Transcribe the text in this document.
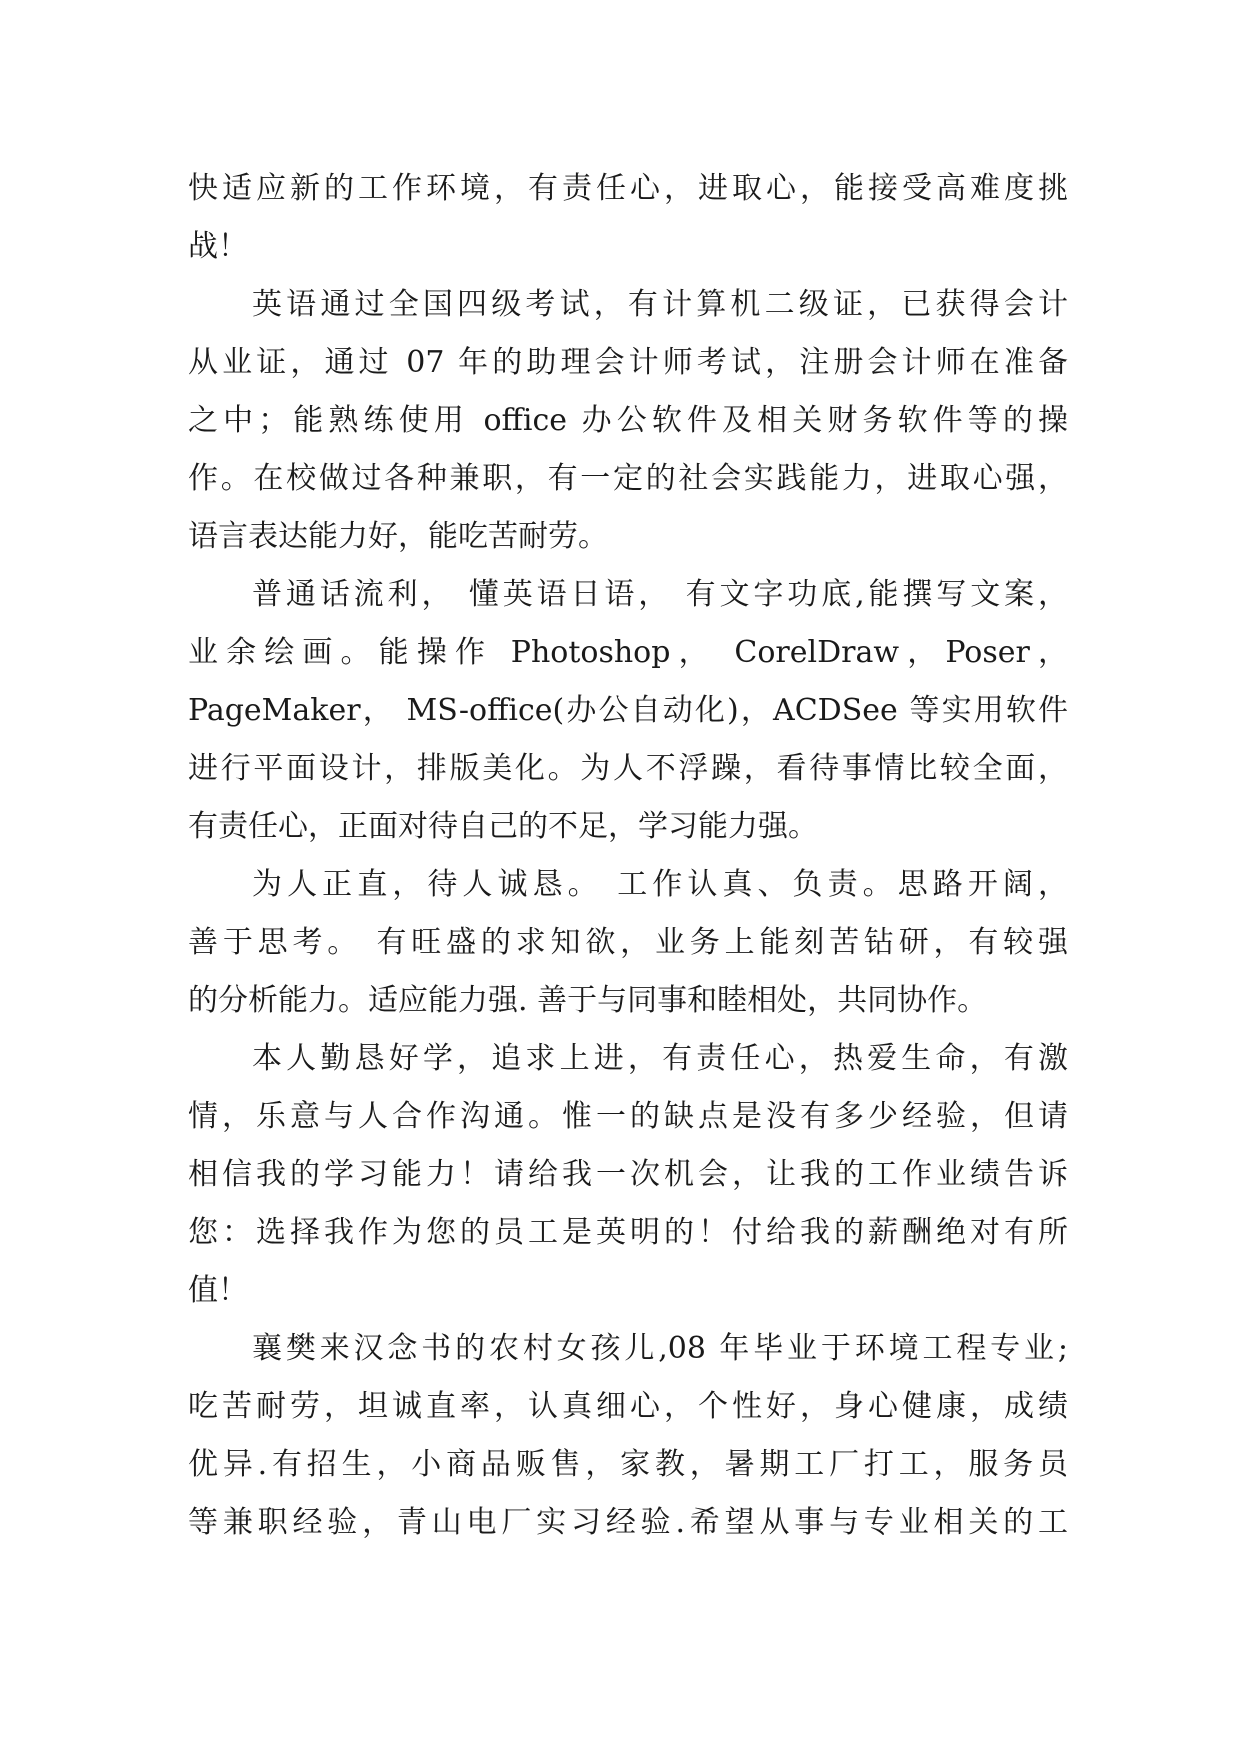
快适应新的工作环境，有责任心，进取心，能接受高难度挑
战！
英语通过全国四级考试，有计算机二级证，已获得会计
从业证，通过 07 年的助理会计师考试，注册会计师在准备
之中；能熟练使用 office 办公软件及相关财务软件等的操
作。在校做过各种兼职，有一定的社会实践能力，进取心强，
语言表达能力好，能吃苦耐劳。
普通话流利， 懂英语日语， 有文字功底,能撰写文案，
业余绘画。能操作 Photoshop， CorelDraw，Poser，
PageMaker， MS-office(办公自动化)，ACDSee 等实用软件
进行平面设计，排版美化。为人不浮躁，看待事情比较全面，
有责任心，正面对待自己的不足，学习能力强。
为人正直，待人诚恳。 工作认真、负责。思路开阔，
善于思考。 有旺盛的求知欲，业务上能刻苦钻研，有较强
的分析能力。适应能力强. 善于与同事和睦相处，共同协作。
本人勤恳好学，追求上进，有责任心，热爱生命，有激
情，乐意与人合作沟通。惟一的缺点是没有多少经验，但请
相信我的学习能力！请给我一次机会，让我的工作业绩告诉
您：选择我作为您的员工是英明的！付给我的薪酬绝对有所
值！
襄樊来汉念书的农村女孩儿,08 年毕业于环境工程专业;
吃苦耐劳，坦诚直率，认真细心，个性好，身心健康，成绩
优异.有招生，小商品贩售，家教，暑期工厂打工，服务员
等兼职经验，青山电厂实习经验.希望从事与专业相关的工
